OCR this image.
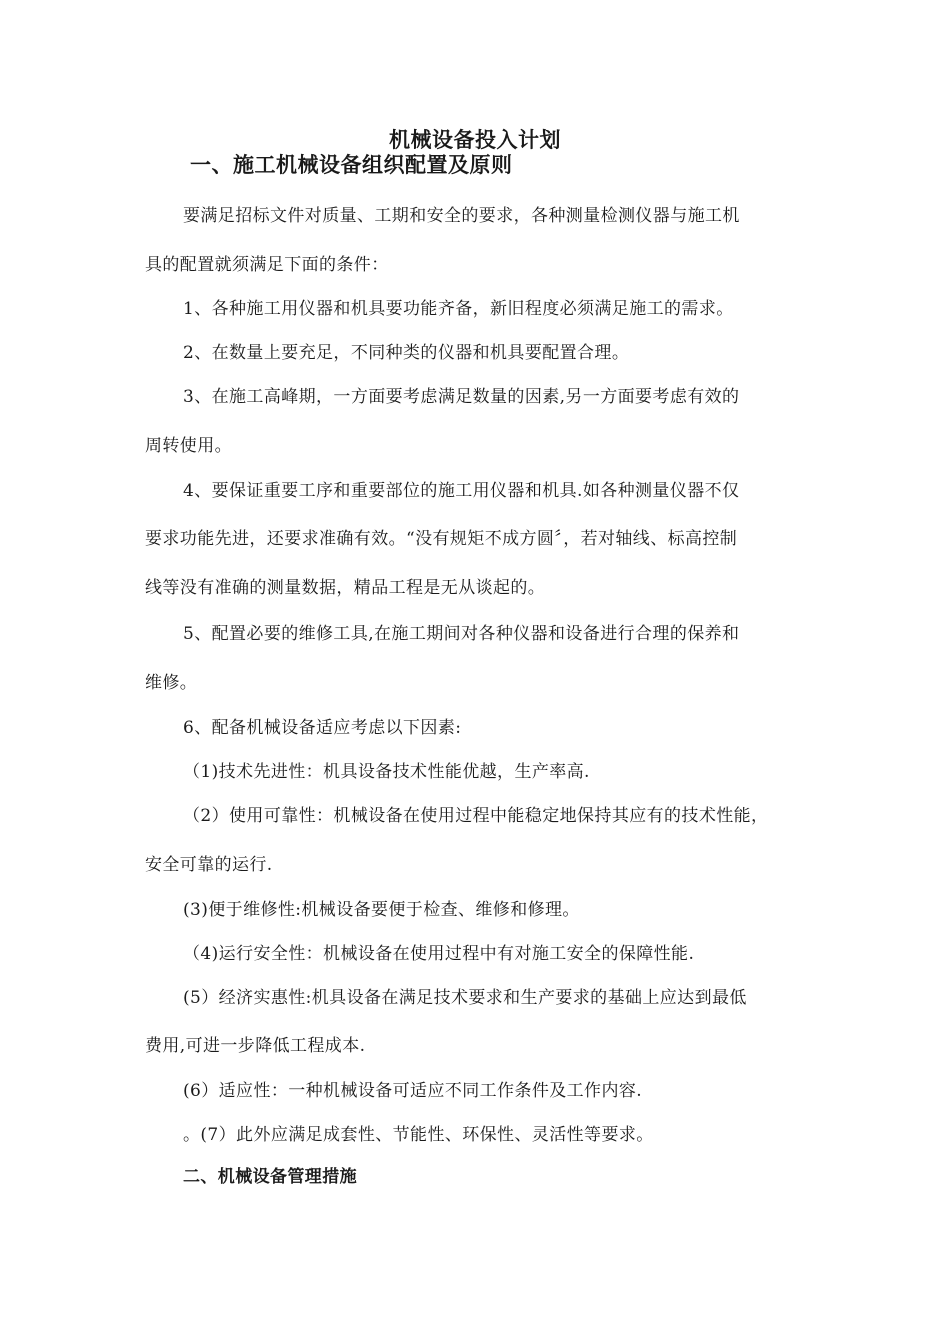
机械设备投入计划
一、施工机械设备组织配置及原则
要满足招标文件对质量、工期和安全的要求，各种测量检测仪器与施工机
具的配置就须满足下面的条件：
1、各种施工用仪器和机具要功能齐备，新旧程度必须满足施工的需求。
2、在数量上要充足，不同种类的仪器和机具要配置合理。
3、在施工高峰期，一方面要考虑满足数量的因素,另一方面要考虑有效的
周转使用。
4、要保证重要工序和重要部位的施工用仪器和机具.如各种测量仪器不仅
要求功能先进，还要求准确有效。“没有规矩不成方圆〞，若对轴线、标高控制
线等没有准确的测量数据，精品工程是无从谈起的。
5、配置必要的维修工具,在施工期间对各种仪器和设备进行合理的保养和
维修。
6、配备机械设备适应考虑以下因素:
（1)技术先进性：机具设备技术性能优越，生产率高.
（2）使用可靠性：机械设备在使用过程中能稳定地保持其应有的技术性能，
安全可靠的运行.
(3)便于维修性:机械设备要便于检查、维修和修理。
（4)运行安全性：机械设备在使用过程中有对施工安全的保障性能.
(5）经济实惠性:机具设备在满足技术要求和生产要求的基础上应达到最低
费用,可进一步降低工程成本.
(6）适应性：一种机械设备可适应不同工作条件及工作内容.
。(7）此外应满足成套性、节能性、环保性、灵活性等要求。
二、机械设备管理措施
